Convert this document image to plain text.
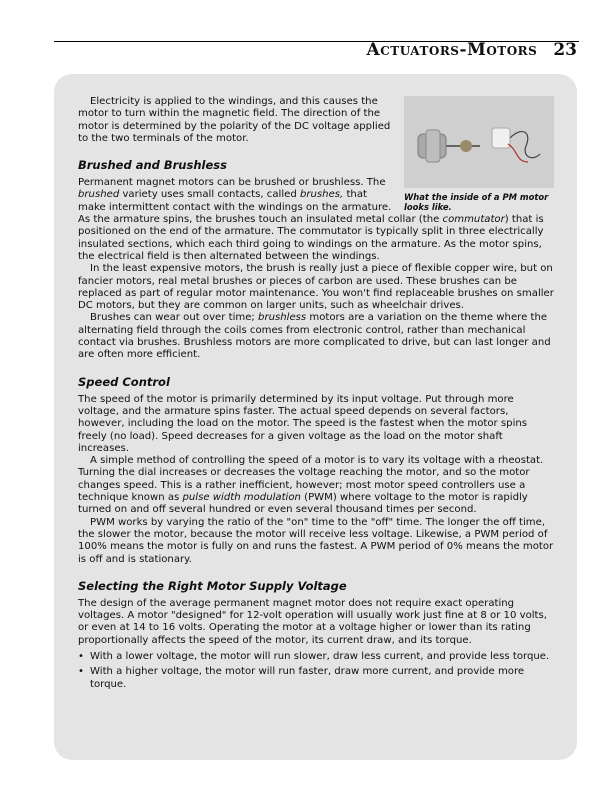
Actuators-Motors 23
What the inside of a PM motor looks like.

Electricity is applied to the windings, and this causes the motor to turn within the magnetic field. The direction of the motor is determined by the polarity of the DC voltage applied to the two terminals of the motor.

Brushed and Brushless

Permanent magnet motors can be brushed or brushless. The brushed variety uses small contacts, called brushes, that make intermittent contact with the windings on the armature. As the armature spins, the brushes touch an insulated metal collar (the commutator) that is positioned on the end of the armature. The commutator is typically split in three electrically insulated sections, which each third going to windings on the armature. As the motor spins, the electrical field is then alternated between the windings.

In the least expensive motors, the brush is really just a piece of flexible copper wire, but on fancier motors, real metal brushes or pieces of carbon are used. These brushes can be replaced as part of regular motor maintenance. You won't find replaceable brushes on smaller DC motors, but they are common on larger units, such as wheelchair drives.

Brushes can wear out over time; brushless motors are a variation on the theme where the alternating field through the coils comes from electronic control, rather than mechanical contact via brushes. Brushless motors are more complicated to drive, but can last longer and are often more efficient.

Speed Control

The speed of the motor is primarily determined by its input voltage. Put through more voltage, and the armature spins faster. The actual speed depends on several factors, however, including the load on the motor. The speed is the fastest when the motor spins freely (no load). Speed decreases for a given voltage as the load on the motor shaft increases.

A simple method of controlling the speed of a motor is to vary its voltage with a rheostat. Turning the dial increases or decreases the voltage reaching the motor, and so the motor changes speed. This is a rather inefficient, however; most motor speed controllers use a technique known as pulse width modulation (PWM) where voltage to the motor is rapidly turned on and off several hundred or even several thousand times per second.

PWM works by varying the ratio of the "on" time to the "off" time. The longer the off time, the slower the motor, because the motor will receive less voltage. Likewise, a PWM period of 100% means the motor is fully on and runs the fastest. A PWM period of 0% means the motor is off and is stationary.

Selecting the Right Motor Supply Voltage

The design of the average permanent magnet motor does not require exact operating voltages. A motor "designed" for 12-volt operation will usually work just fine at 8 or 10 volts, or even at 14 to 16 volts. Operating the motor at a voltage higher or lower than its rating proportionally affects the speed of the motor, its current draw, and its torque.

• With a lower voltage, the motor will run slower, draw less current, and provide less torque.
• With a higher voltage, the motor will run faster, draw more current, and provide more torque.
